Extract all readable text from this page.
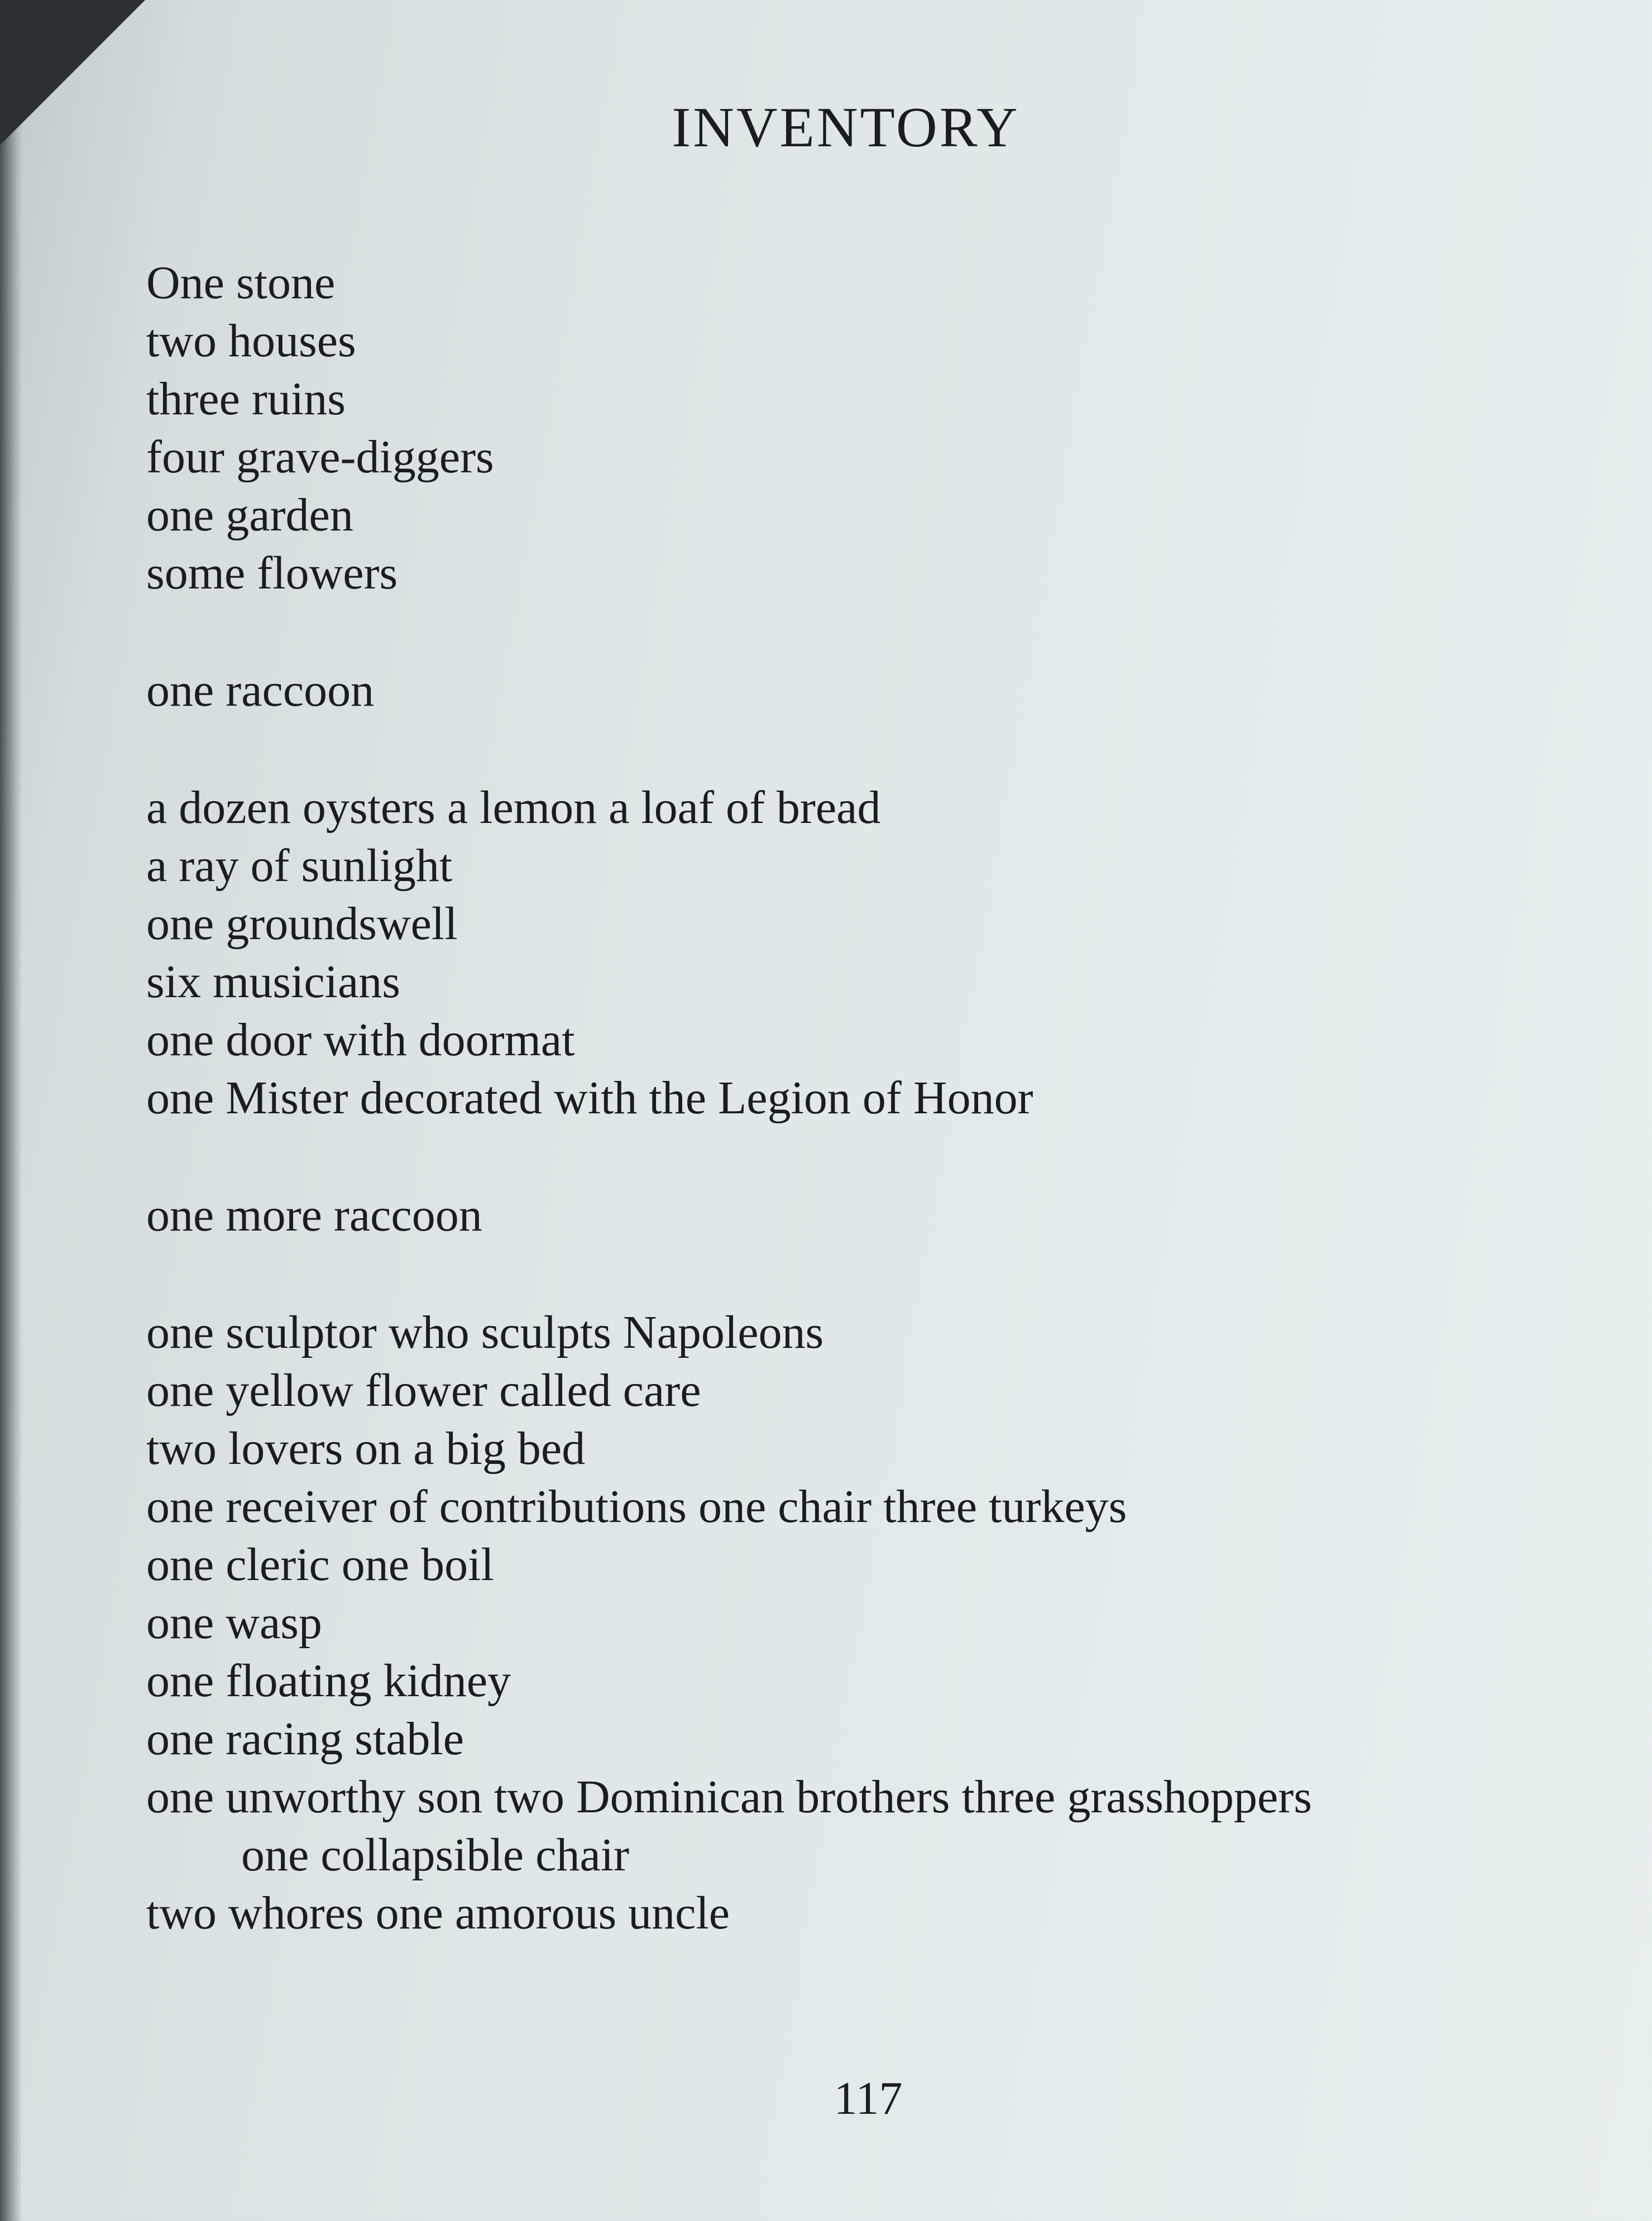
INVENTORY
One stone
two houses
three ruins
four grave-diggers
one garden
some flowers
one raccoon
a dozen oysters a lemon a loaf of bread
a ray of sunlight
one groundswell
six musicians
one door with doormat
one Mister decorated with the Legion of Honor
one more raccoon
one sculptor who sculpts Napoleons
one yellow flower called care
two lovers on a big bed
one receiver of contributions one chair three turkeys
one cleric one boil
one wasp
one floating kidney
one racing stable
one unworthy son two Dominican brothers three grasshoppers
one collapsible chair
two whores one amorous uncle
117
